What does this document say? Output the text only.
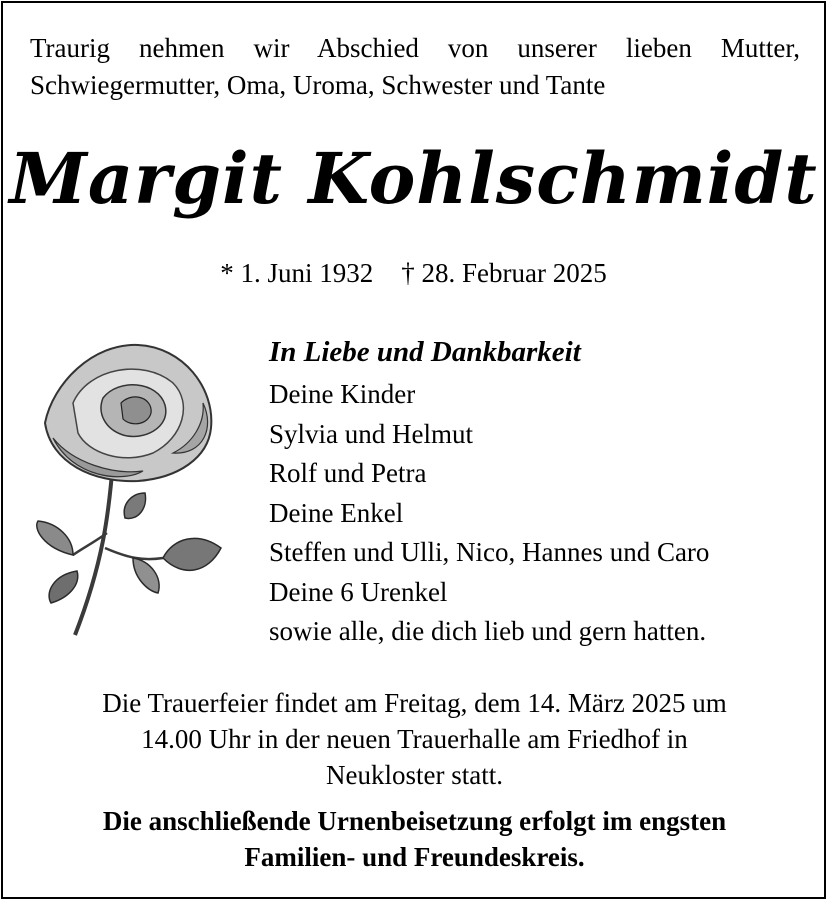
Traurig nehmen wir Abschied von unserer lieben Mutter,
Schwiegermutter, Oma, Uroma, Schwester und Tante
Margit Kohlschmidt
* 1. Juni 1932 † 28. Februar 2025
In Liebe und Dankbarkeit
Deine Kinder
Sylvia und Helmut
Rolf und Petra
Deine Enkel
Steffen und Ulli, Nico, Hannes und Caro
Deine 6 Urenkel
sowie alle, die dich lieb und gern hatten.
Die Trauerfeier findet am Freitag, dem 14. März 2025 um
14.00 Uhr in der neuen Trauerhalle am Friedhof in
Neukloster statt.
Die anschließende Urnenbeisetzung erfolgt im engsten
Familien- und Freundeskreis.
